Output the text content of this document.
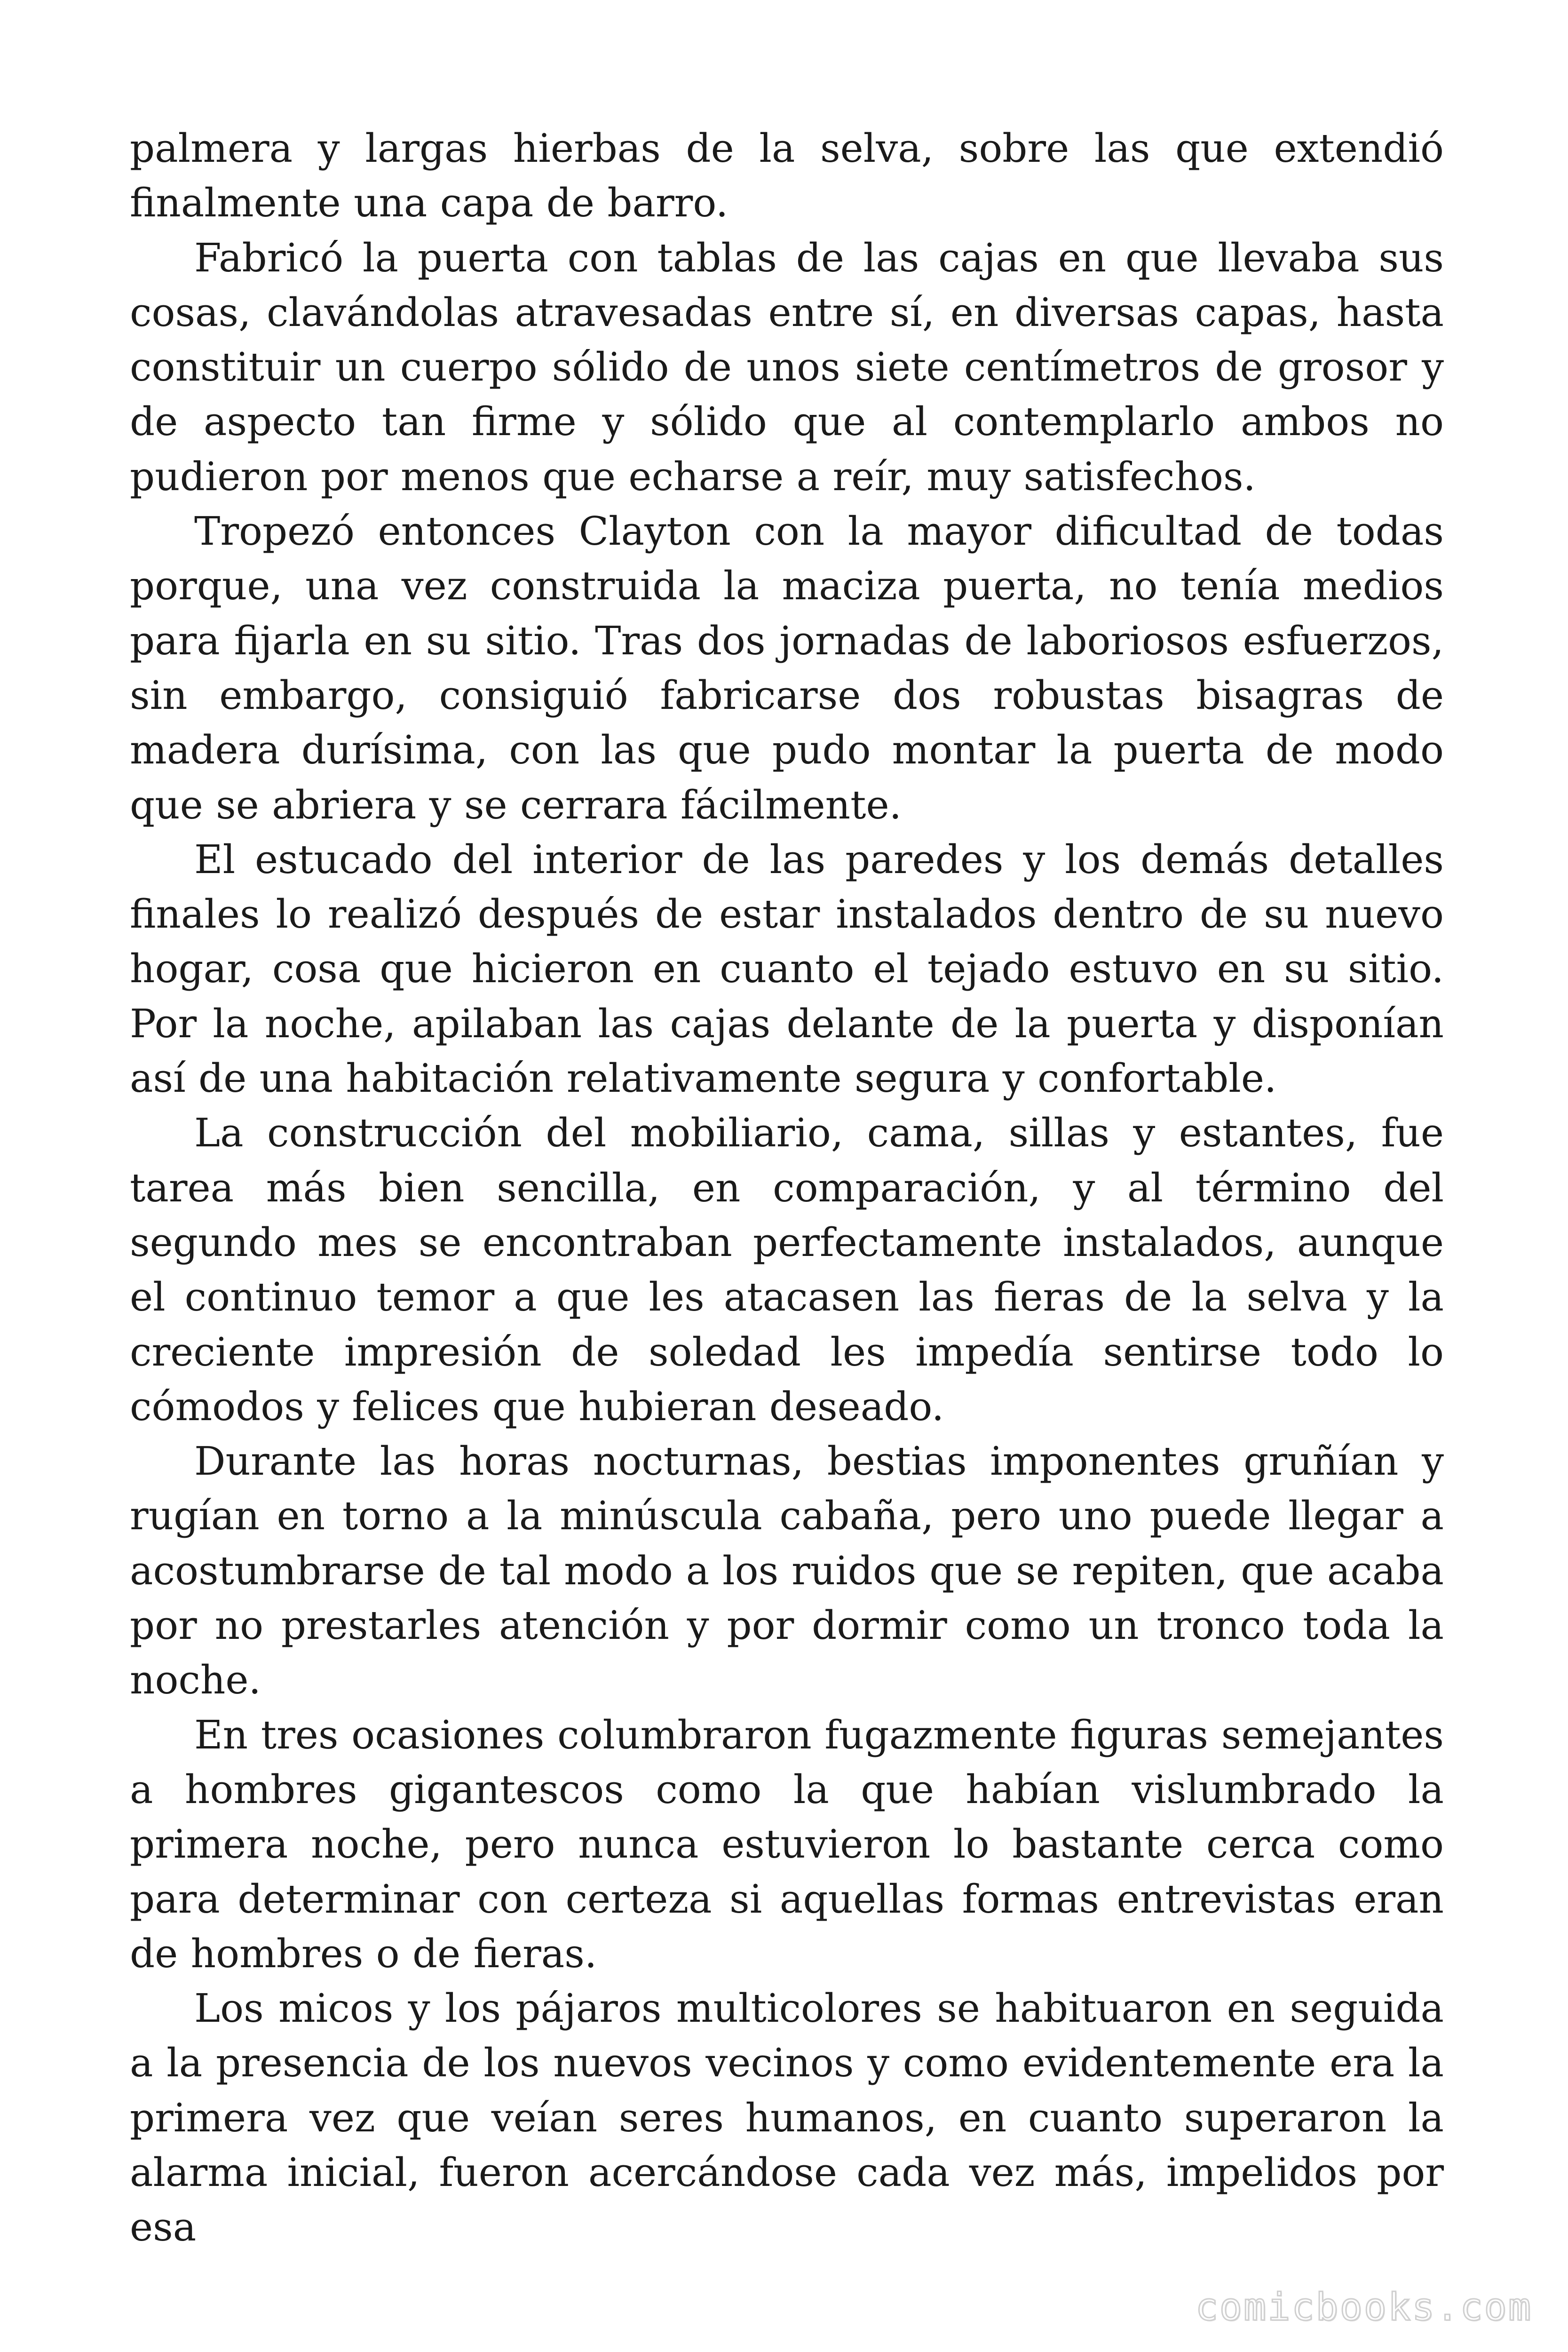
palmera y largas hierbas de la selva, sobre las que extendió finalmente una capa de barro.

Fabricó la puerta con tablas de las cajas en que llevaba sus cosas, clavándolas atravesadas entre sí, en diversas capas, hasta constituir un cuerpo sólido de unos siete centímetros de grosor y de aspecto tan firme y sólido que al contemplarlo ambos no pudieron por menos que echarse a reír, muy satisfechos.

Tropezó entonces Clayton con la mayor dificultad de todas porque, una vez construida la maciza puerta, no tenía medios para fijarla en su sitio. Tras dos jornadas de laboriosos esfuerzos, sin embargo, consiguió fabricarse dos robustas bisagras de madera durísima, con las que pudo montar la puerta de modo que se abriera y se cerrara fácilmente.

El estucado del interior de las paredes y los demás detalles finales lo realizó después de estar instalados dentro de su nuevo hogar, cosa que hicieron en cuanto el tejado estuvo en su sitio. Por la noche, apilaban las cajas delante de la puerta y disponían así de una habitación relativamente segura y confortable.

La construcción del mobiliario, cama, sillas y estantes, fue tarea más bien sencilla, en comparación, y al término del segundo mes se encontraban perfectamente instalados, aunque el continuo temor a que les atacasen las fieras de la selva y la creciente impresión de soledad les impedía sentirse todo lo cómodos y felices que hubieran deseado.

Durante las horas nocturnas, bestias imponentes gruñían y rugían en torno a la minúscula cabaña, pero uno puede llegar a acostumbrarse de tal modo a los ruidos que se repiten, que acaba por no prestarles atención y por dormir como un tronco toda la noche.

En tres ocasiones columbraron fugazmente figuras semejantes a hombres gigantescos como la que habían vislumbrado la primera noche, pero nunca estuvieron lo bastante cerca como para determinar con certeza si aquellas formas entrevistas eran de hombres o de fieras.

Los micos y los pájaros multicolores se habituaron en seguida a la presencia de los nuevos vecinos y como evidentemente era la primera vez que veían seres humanos, en cuanto superaron la alarma inicial, fueron acercándose cada vez más, impelidos por esa

comicbooks.com
